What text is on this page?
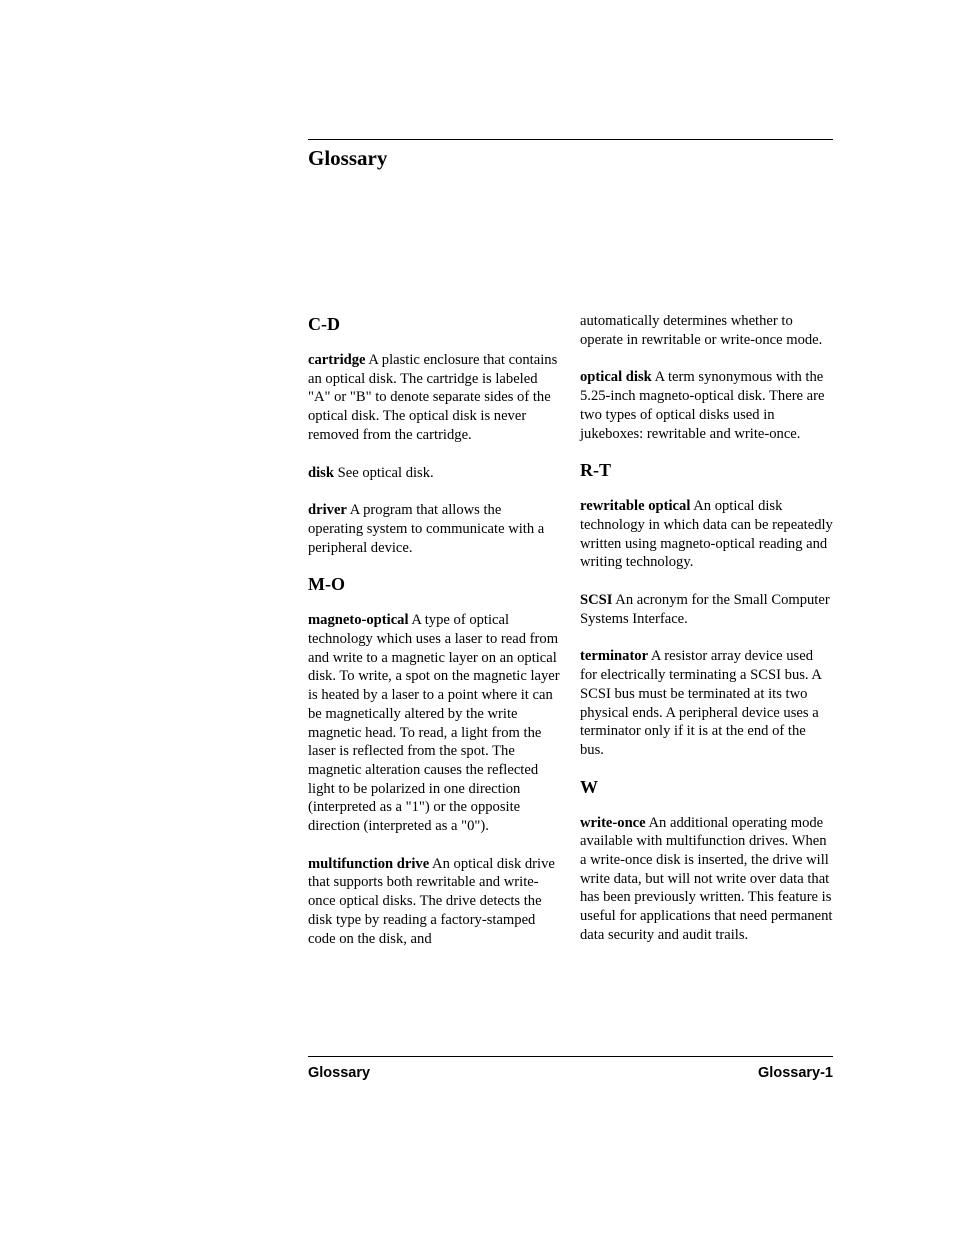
Glossary
C-D

cartridge A plastic enclosure that contains an optical disk. The cartridge is labeled "A" or "B" to denote separate sides of the optical disk. The optical disk is never removed from the cartridge.

disk See optical disk.

driver A program that allows the operating system to communicate with a peripheral device.

M-O

magneto-optical A type of optical technology which uses a laser to read from and write to a magnetic layer on an optical disk. To write, a spot on the magnetic layer is heated by a laser to a point where it can be magnetically altered by the write magnetic head. To read, a light from the laser is reflected from the spot. The magnetic alteration causes the reflected light to be polarized in one direction (interpreted as a "1") or the opposite direction (interpreted as a "0").

multifunction drive An optical disk drive that supports both rewritable and write-once optical disks. The drive detects the disk type by reading a factory-stamped code on the disk, and

automatically determines whether to operate in rewritable or write-once mode.

optical disk A term synonymous with the 5.25-inch magneto-optical disk. There are two types of optical disks used in jukeboxes: rewritable and write-once.

R-T

rewritable optical An optical disk technology in which data can be repeatedly written using magneto-optical reading and writing technology.

SCSI An acronym for the Small Computer Systems Interface.

terminator A resistor array device used for electrically terminating a SCSI bus. A SCSI bus must be terminated at its two physical ends. A peripheral device uses a terminator only if it is at the end of the bus.

W

write-once An additional operating mode available with multifunction drives. When a write-once disk is inserted, the drive will write data, but will not write over data that has been previously written. This feature is useful for applications that need permanent data security and audit trails.

Glossary	Glossary-1
